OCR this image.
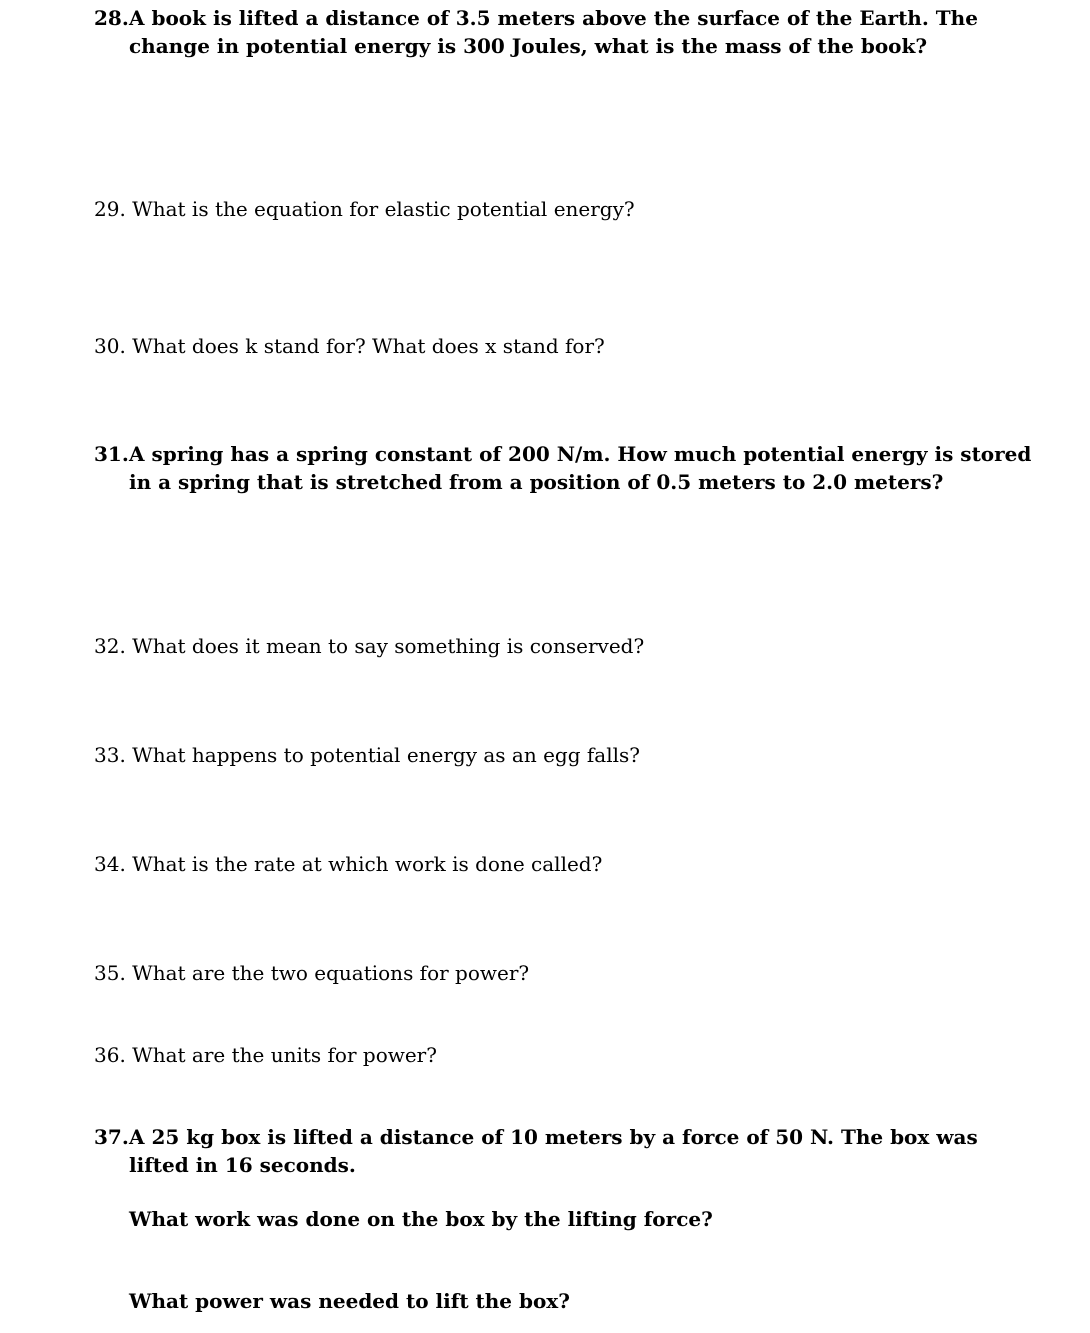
28. A book is lifted a distance of 3.5 meters above the surface of the Earth. The change in potential energy is 300 Joules, what is the mass of the book?
29. What is the equation for elastic potential energy?
30. What does k stand for? What does x stand for?
31. A spring has a spring constant of 200 N/m. How much potential energy is stored in a spring that is stretched from a position of 0.5 meters to 2.0 meters?
32. What does it mean to say something is conserved?
33. What happens to potential energy as an egg falls?
34. What is the rate at which work is done called?
35. What are the two equations for power?
36. What are the units for power?
37. A 25 kg box is lifted a distance of 10 meters by a force of 50 N. The box was lifted in 16 seconds.
What work was done on the box by the lifting force?
What power was needed to lift the box?
